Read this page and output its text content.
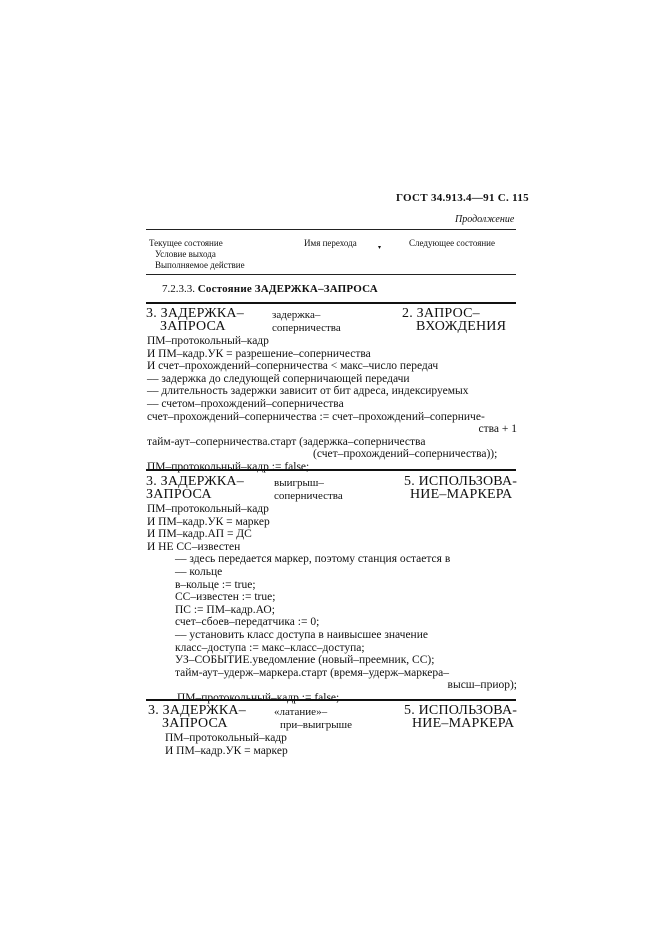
ГОСТ 34.913.4—91 С. 115
Продолжение
Текущее состояние
Условие выхода
Выполняемое действие
Имя перехода	▾	Следующее состояние
7.2.3.3. Состояние ЗАДЕРЖКА–ЗАПРОСА
3. ЗАДЕРЖКА–
ЗАПРОСА
задержка–
соперничества
2. ЗАПРОС–
ВХОЖДЕНИЯ
ПМ–протокольный–кадр
И ПМ–кадр.УК = разрешение–соперничества
И счет–прохождений–соперничества < макс–число передач
–– задержка до следующей соперничающей передачи
–– длительность задержки зависит от бит адреса, индексируемых
–– счетом–прохождений–соперничества
счет–прохождений–соперничества := счет–прохождений–соперниче-
ства + 1
тайм-аут–соперничества.старт (задержка–соперничества
(счет–прохождений–соперничества));
ПМ–протокольный–кадр := false;
3. ЗАДЕРЖКА–
ЗАПРОСА
выигрыш–
соперничества
5. ИСПОЛЬЗОВА-
НИЕ–МАРКЕРА
ПМ–протокольный–кадр
И ПМ–кадр.УК = маркер
И ПМ–кадр.АП = ДС
И НЕ СС–известен
–– здесь передается маркер, поэтому станция остается в
–– кольце
в–кольце := true;
СС–известен := true;
ПС := ПМ–кадр.АО;
счет–сбоев–передатчика := 0;
–– установить класс доступа в наивысшее значение
класс–доступа := макс–класс–доступа;
УЗ–СОБЫТИЕ.уведомление (новый–преемник, СС);
тайм-аут–удерж–маркера.старт (время–удерж–маркера–
высш–приор);
ПМ–протокольный–кадр := false;
3. ЗАДЕРЖКА–
ЗАПРОСА
«латание»–
при–выигрыше
5. ИСПОЛЬЗОВА-
НИЕ–МАРКЕРА
ПМ–протокольный–кадр
И ПМ–кадр.УК = маркер
